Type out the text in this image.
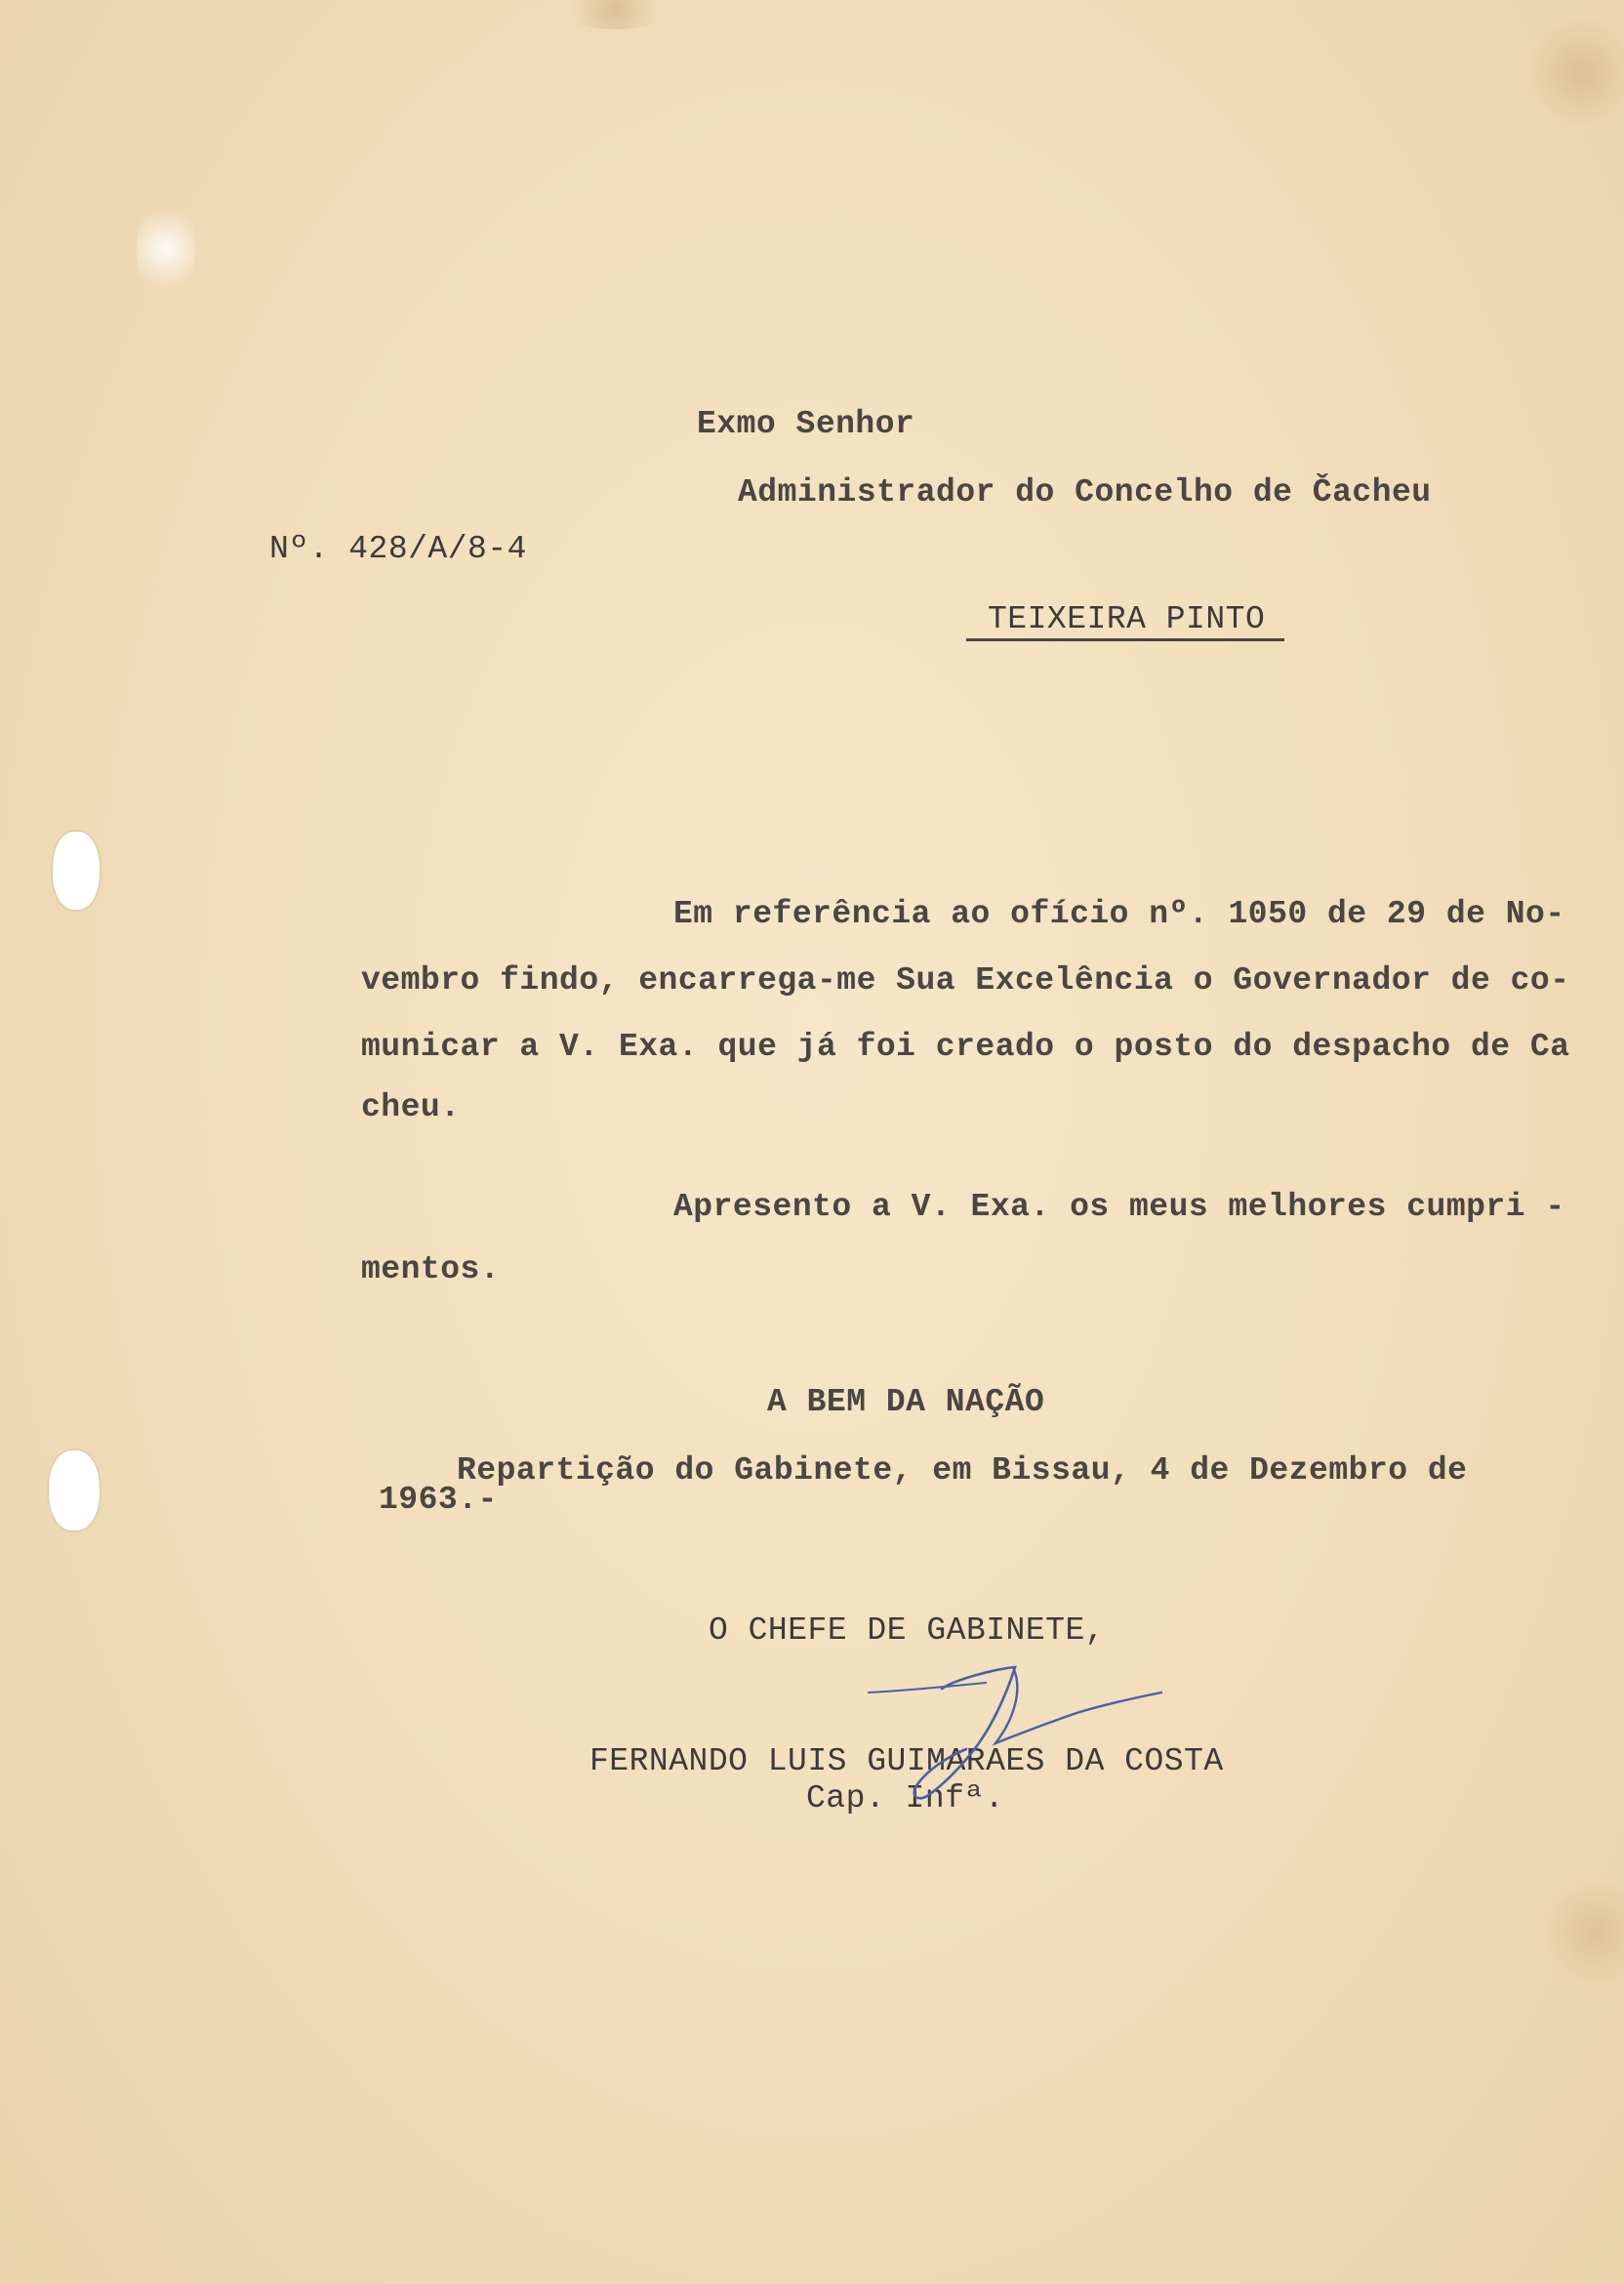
Exmo Senhor
Administrador do Concelho de Čacheu
Nº. 428/A/8-4
TEIXEIRA PINTO
Em referência ao ofício nº. 1050 de 29 de No-
vembro findo, encarrega-me Sua Excelência o Governador de co-
municar a V. Exa. que já foi creado o posto do despacho de Ca
cheu.
Apresento a V. Exa. os meus melhores cumpri -
mentos.
A BEM DA NAÇÃO
Repartição do Gabinete, em Bissau, 4 de Dezembro de
1963.-
O CHEFE DE GABINETE,
FERNANDO LUIS GUIMARAES DA COSTA
Cap. Infª.
